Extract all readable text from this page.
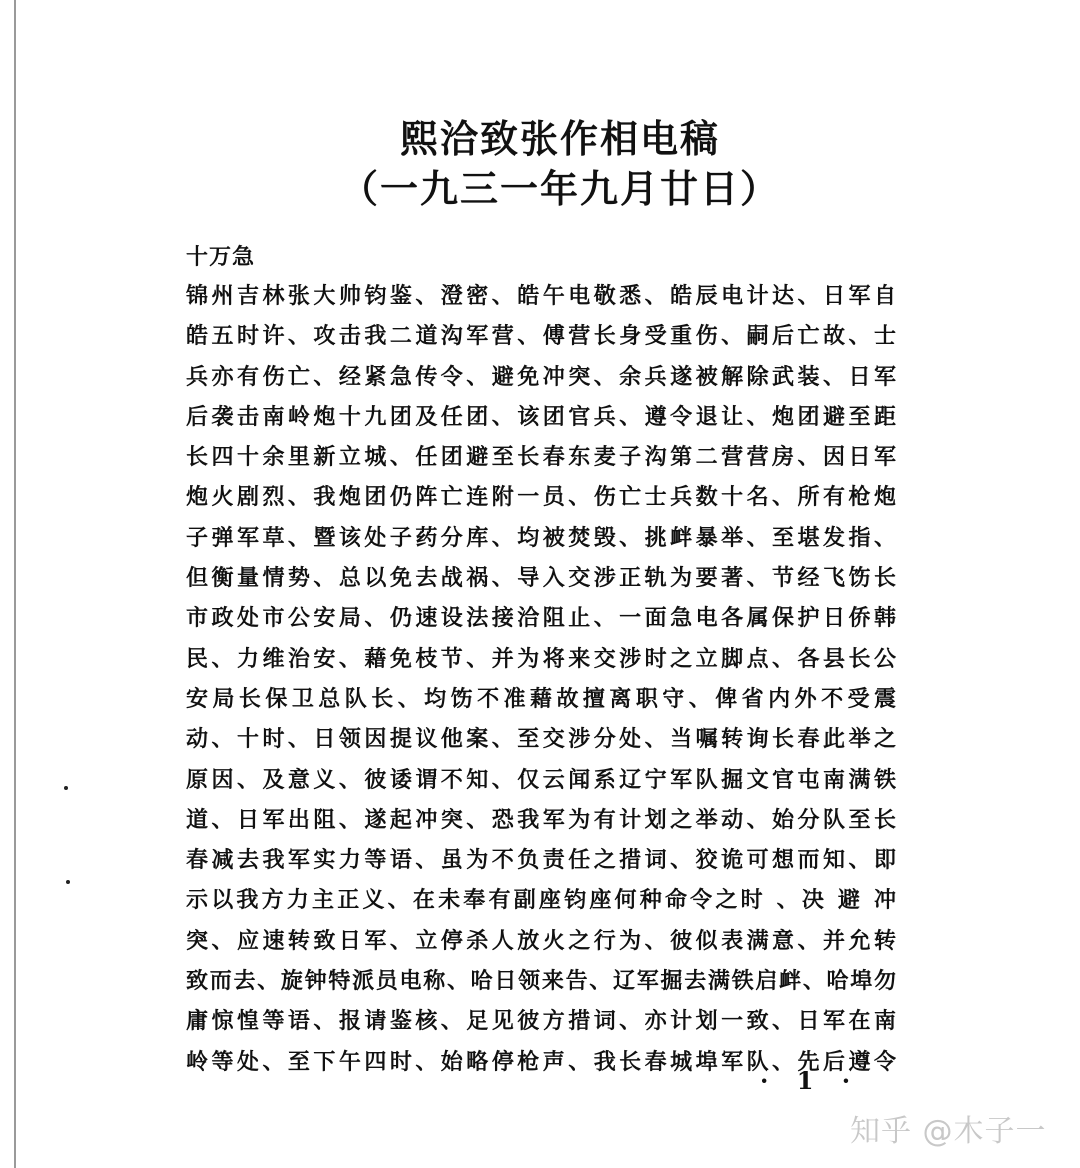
熙洽致张作相电稿
（一九三一年九月廿日）
十万急
锦州吉林张大帅钧鉴、澄密、皓午电敬悉、皓辰电计达、日军自
皓五时许、攻击我二道沟军营、傅营长身受重伤、嗣后亡故、士
兵亦有伤亡、经紧急传令、避免冲突、余兵遂被解除武装、日军
后袭击南岭炮十九团及任团、该团官兵、遵令退让、炮团避至距
长四十余里新立城、任团避至长春东麦子沟第二营营房、因日军
炮火剧烈、我炮团仍阵亡连附一员、伤亡士兵数十名、所有枪炮
子弹军草、暨该处子药分库、均被焚毁、挑衅暴举、至堪发指、
但衡量情势、总以免去战祸、导入交涉正轨为要著、节经飞饬长
市政处市公安局、仍速设法接洽阻止、一面急电各属保护日侨韩
民、力维治安、藉免枝节、并为将来交涉时之立脚点、各县长公
安局长保卫总队长、均饬不准藉故擅离职守、俾省内外不受震
动、十时、日领因提议他案、至交涉分处、当嘱转询长春此举之
原因、及意义、彼诿谓不知、仅云闻系辽宁军队掘文官屯南满铁
道、日军出阻、遂起冲突、恐我军为有计划之举动、始分队至长
春减去我军实力等语、虽为不负责任之措词、狡诡可想而知、即
示以我方力主正义、在未奉有副座钧座何种命令之时 、决 避 冲
突、应速转致日军、立停杀人放火之行为、彼似表满意、并允转
致而去、旋钟特派员电称、哈日领来告、辽军掘去满铁启衅、哈埠勿
庸惊惶等语、报请鉴核、足见彼方措词、亦计划一致、日军在南
岭等处、至下午四时、始略停枪声、我长春城埠军队、先后遵令
· 1 ·
知乎 @木子一
